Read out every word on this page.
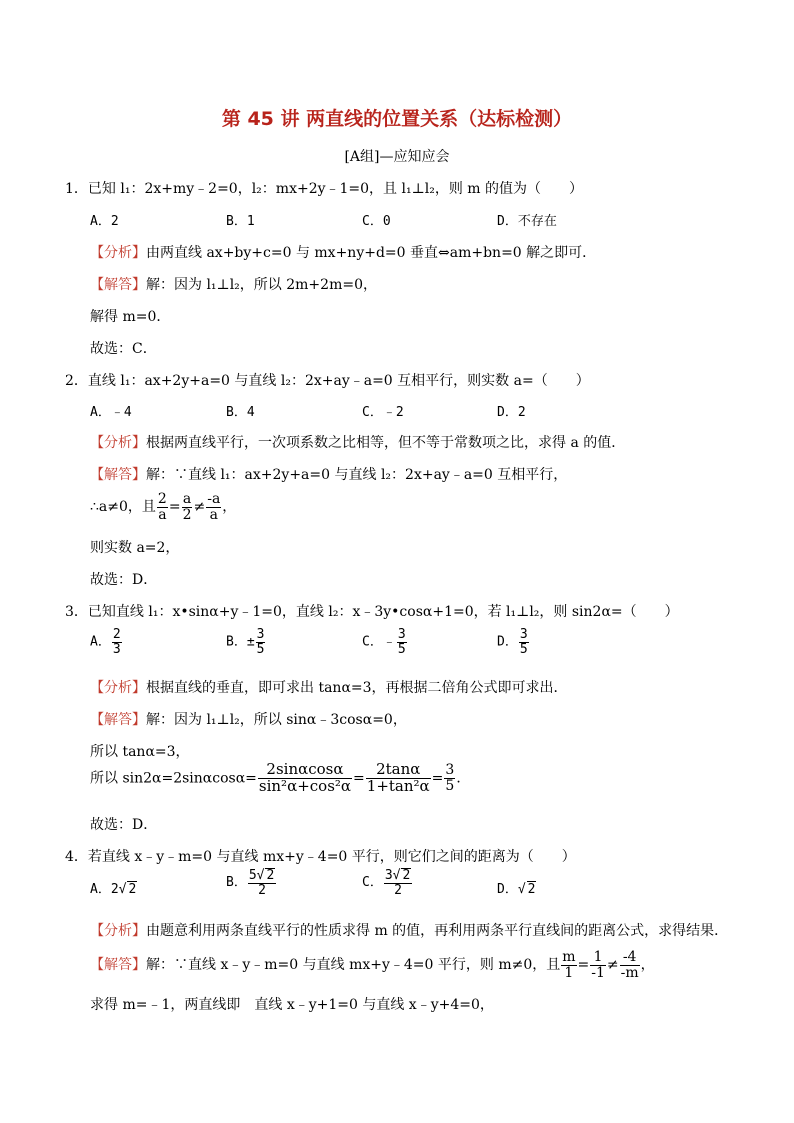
第 45 讲 两直线的位置关系（达标检测）
[A组]—应知应会
1．已知 l₁：2x+my﹣2=0，l₂：mx+2y﹣1=0，且 l₁⊥l₂，则 m 的值为（　　）
A．2	B．1	C．0	D．不存在
【分析】由两直线 ax+by+c=0 与 mx+ny+d=0 垂直⇔am+bn=0 解之即可．
【解答】解：因为 l₁⊥l₂，所以 2m+2m=0，
解得 m=0．
故选：C．
2．直线 l₁：ax+2y+a=0 与直线 l₂：2x+ay﹣a=0 互相平行，则实数 a=（　　）
A．﹣4	B．4	C．﹣2	D．2
【分析】根据两直线平行，一次项系数之比相等，但不等于常数项之比，求得 a 的值．
【解答】解：∵直线 l₁：ax+2y+a=0 与直线 l₂：2x+ay﹣a=0 互相平行，
∴a≠0，且 $\frac{2}{a} = \frac{a}{2} \ne \frac{-a}{a}$ ，
则实数 a=2，
故选：D．
3．已知直线 l₁：x•sinα+y﹣1=0，直线 l₂：x﹣3y•cosα+1=0，若 l₁⊥l₂，则 sin2α=（　　）
A． $\frac{2}{3}$	B．± $\frac{3}{5}$	C．﹣ $\frac{3}{5}$	D． $\frac{3}{5}$
【分析】根据直线的垂直，即可求出 tanα=3，再根据二倍角公式即可求出．
【解答】解：因为 l₁⊥l₂，所以 sinα﹣3cosα=0，
所以 tanα=3，
所以 $\sin 2\alpha=2\sin\alpha\cos\alpha= \frac{2\sin\alpha\cos\alpha}{\text{sin²α+cos²α}} = \frac{2\tan\alpha}{\text{1+tan²α}} = \frac{3}{5}$ ．
故选：D．
4．若直线 x﹣y﹣m=0 与直线 mx+y﹣4=0 平行，则它们之间的距离为（　　）
A．2√ 2	B． $\frac{5√ 2}{2}$	C． $\frac{3√ 2}{2}$	D．√ 2
【分析】由题意利用两条直线平行的性质求得 m 的值，再利用两条平行直线间的距离公式，求得结果．
【解答】解：∵直线 x﹣y﹣m=0 与直线 mx+y﹣4=0 平行，则 m≠0，且 $\frac{m}{1} = \frac{1}{-1} \ne \frac{-4}{-m}$ ，
求得 m=﹣1，两直线即　直线 x﹣y+1=0 与直线 x﹣y+4=0，
